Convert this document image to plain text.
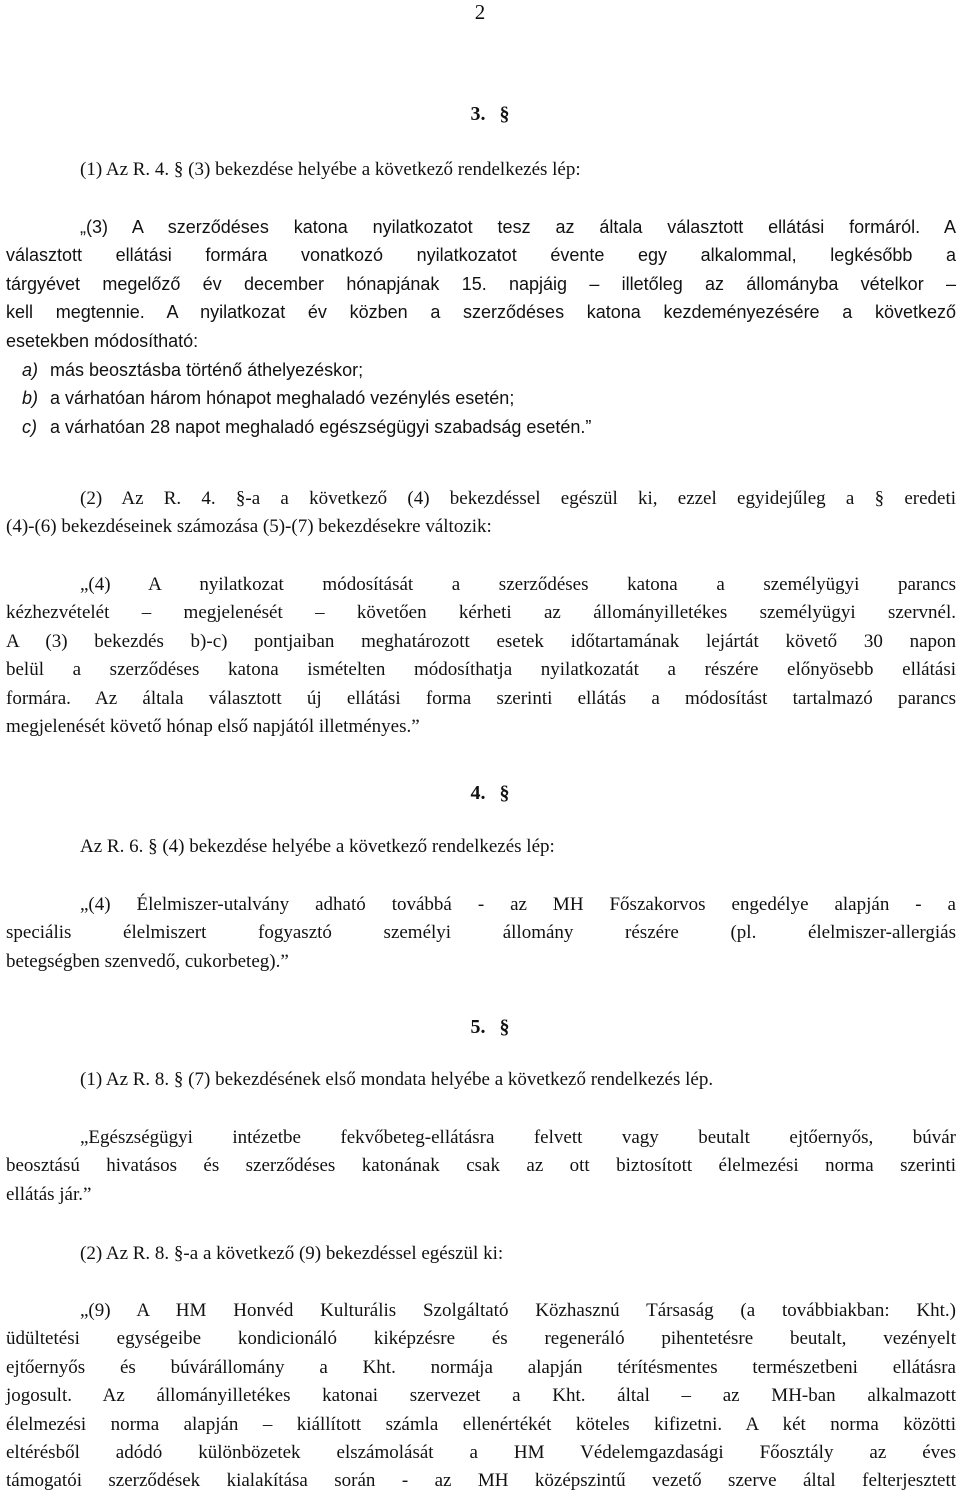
2
3. §

(1) Az R. 4. § (3) bekezdése helyébe a következő rendelkezés lép:

„(3) A szerződéses katona nyilatkozatot tesz az általa választott ellátási formáról. A
választott ellátási formára vonatkozó nyilatkozatot évente egy alkalommal, legkésőbb a
tárgyévet megelőző év december hónapjának 15. napjáig – illetőleg az állományba vételkor –
kell megtennie. A nyilatkozat év közben a szerződéses katona kezdeményezésére a következő
esetekben módosítható:
a) más beosztásba történő áthelyezéskor;
b) a várhatóan három hónapot meghaladó vezénylés esetén;
c) a várhatóan 28 napot meghaladó egészségügyi szabadság esetén.”
(2) Az R. 4. §-a a következő (4) bekezdéssel egészül ki, ezzel egyidejűleg a § eredeti
(4)-(6) bekezdéseinek számozása (5)-(7) bekezdésekre változik:
„(4) A nyilatkozat módosítását a szerződéses katona a személyügyi parancs
kézhezvételét – megjelenését – követően kérheti az állományilletékes személyügyi szervnél.
A (3) bekezdés b)-c) pontjaiban meghatározott esetek időtartamának lejártát követő 30 napon
belül a szerződéses katona ismételten módosíthatja nyilatkozatát a részére előnyösebb ellátási
formára. Az általa választott új ellátási forma szerinti ellátás a módosítást tartalmazó parancs
megjelenését követő hónap első napjától illetményes.”
4. §

Az R. 6. § (4) bekezdése helyébe a következő rendelkezés lép:

„(4) Élelmiszer-utalvány adható továbbá - az MH Főszakorvos engedélye alapján - a
speciális élelmiszert fogyasztó személyi állomány részére (pl. élelmiszer-allergiás
betegségben szenvedő, cukorbeteg).”
5. §

(1) Az R. 8. § (7) bekezdésének első mondata helyébe a következő rendelkezés lép.

„Egészségügyi intézetbe fekvőbeteg-ellátásra felvett vagy beutalt ejtőernyős, búvár
beosztású hivatásos és szerződéses katonának csak az ott biztosított élelmezési norma szerinti
ellátás jár.”

(2) Az R. 8. §-a a következő (9) bekezdéssel egészül ki:

„(9) A HM Honvéd Kulturális Szolgáltató Közhasznú Társaság (a továbbiakban: Kht.)
üdültetési egységeibe kondicionáló kiképzésre és regeneráló pihentetésre beutalt, vezényelt
ejtőernyős és búvárállomány a Kht. normája alapján térítésmentes természetbeni ellátásra
jogosult. Az állományilletékes katonai szervezet a Kht. által – az MH-ban alkalmazott
élelmezési norma alapján – kiállított számla ellenértékét köteles kifizetni. A két norma közötti
eltérésből adódó különbözetek elszámolását a HM Védelemgazdasági Főosztály az éves
támogatói szerződések kialakítása során - az MH középszintű vezető szerve által felterjesztett
